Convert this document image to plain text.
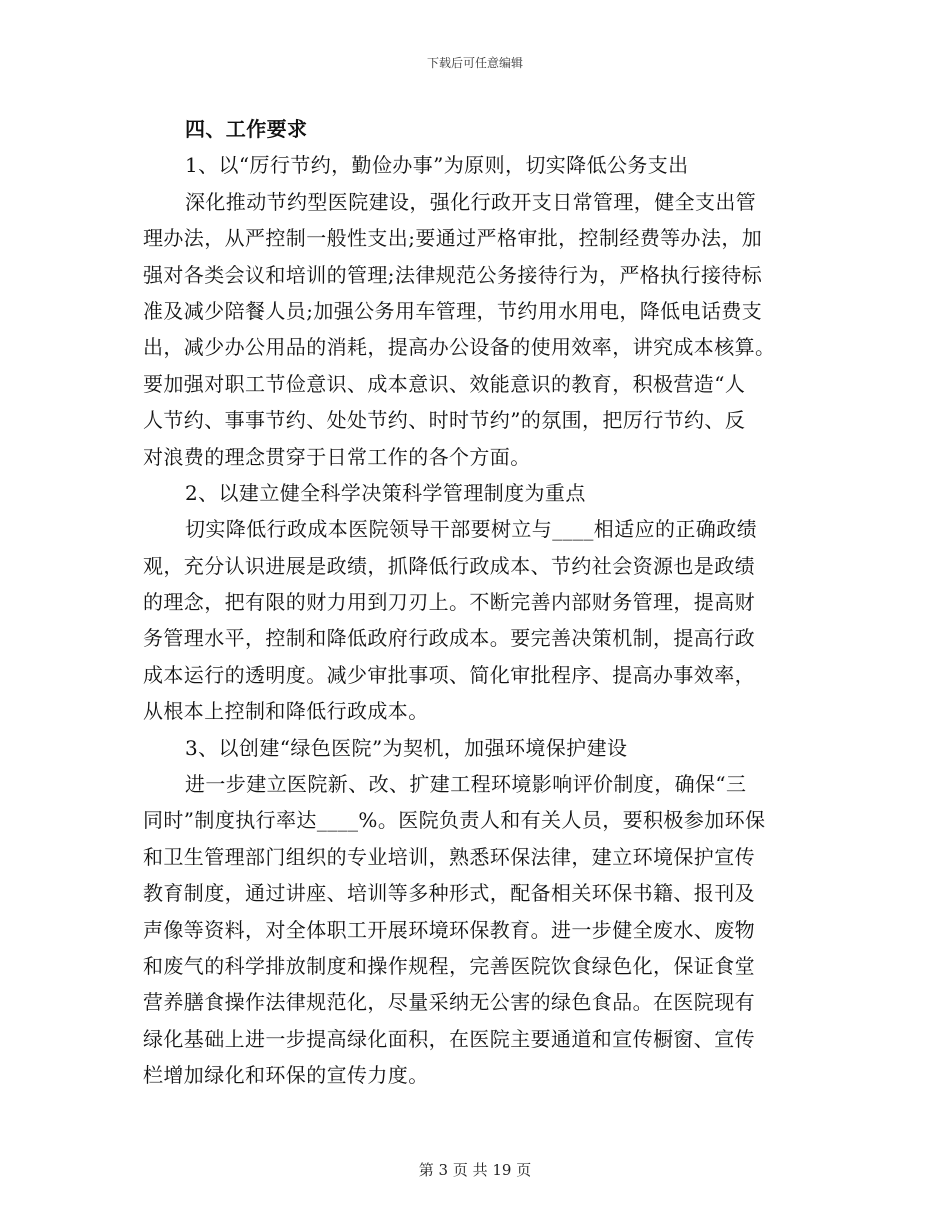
下载后可任意编辑
四、工作要求
1、以“厉行节约，勤俭办事”为原则，切实降低公务支出
深化推动节约型医院建设，强化行政开支日常管理，健全支出管
理办法，从严控制一般性支出;要通过严格审批，控制经费等办法，加
强对各类会议和培训的管理;法律规范公务接待行为，严格执行接待标
准及减少陪餐人员;加强公务用车管理，节约用水用电，降低电话费支
出，减少办公用品的消耗，提高办公设备的使用效率，讲究成本核算。
要加强对职工节俭意识、成本意识、效能意识的教育，积极营造“人
人节约、事事节约、处处节约、时时节约”的氛围，把厉行节约、反
对浪费的理念贯穿于日常工作的各个方面。
2、以建立健全科学决策科学管理制度为重点
切实降低行政成本医院领导干部要树立与____相适应的正确政绩
观，充分认识进展是政绩，抓降低行政成本、节约社会资源也是政绩
的理念，把有限的财力用到刀刃上。不断完善内部财务管理，提高财
务管理水平，控制和降低政府行政成本。要完善决策机制，提高行政
成本运行的透明度。减少审批事项、简化审批程序、提高办事效率，
从根本上控制和降低行政成本。
3、以创建“绿色医院”为契机，加强环境保护建设
进一步建立医院新、改、扩建工程环境影响评价制度，确保“三
同时”制度执行率达____%。医院负责人和有关人员，要积极参加环保
和卫生管理部门组织的专业培训，熟悉环保法律，建立环境保护宣传
教育制度，通过讲座、培训等多种形式，配备相关环保书籍、报刊及
声像等资料，对全体职工开展环境环保教育。进一步健全废水、废物
和废气的科学排放制度和操作规程，完善医院饮食绿色化，保证食堂
营养膳食操作法律规范化，尽量采纳无公害的绿色食品。在医院现有
绿化基础上进一步提高绿化面积，在医院主要通道和宣传橱窗、宣传
栏增加绿化和环保的宣传力度。
第 3 页 共 19 页
